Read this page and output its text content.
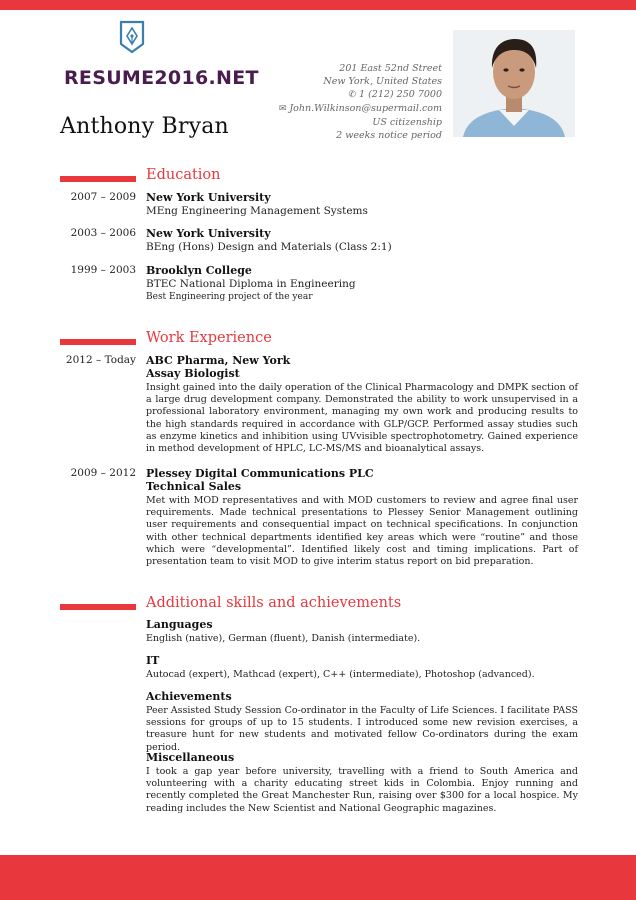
RESUME2016.NET
Anthony Bryan
201 East 52nd Street
New York, United States
✆ 1 (212) 250 7000
✉ John.Wilkinson@supermail.com
US citizenship
2 weeks notice period
Education
2007 – 2009 New York University
MEng Engineering Management Systems
2003 – 2006 New York University
BEng (Hons) Design and Materials (Class 2:1)
1999 – 2003 Brooklyn College
BTEC National Diploma in Engineering
Best Engineering project of the year
Work Experience
2012 – Today ABC Pharma, New York
Assay Biologist
Insight gained into the daily operation of the Clinical Pharmacology and DMPK section of a large drug development company. Demonstrated the ability to work unsupervised in a professional laboratory environment, managing my own work and producing results to the high standards required in accordance with GLP/GCP. Performed assay studies such as enzyme kinetics and inhibition using UVvisible spectrophotometry. Gained experience in method development of HPLC, LC-MS/MS and bioanalytical assays.
2009 – 2012 Plessey Digital Communications PLC
Technical Sales
Met with MOD representatives and with MOD customers to review and agree final user requirements. Made technical presentations to Plessey Senior Management outlining user requirements and consequential impact on technical specifications. In conjunction with other technical departments identified key areas which were “routine” and those which were “developmental”. Identified likely cost and timing implications. Part of presentation team to visit MOD to give interim status report on bid preparation.
Additional skills and achievements
Languages
English (native), German (fluent), Danish (intermediate).
IT
Autocad (expert), Mathcad (expert), C++ (intermediate), Photoshop (advanced).
Achievements
Peer Assisted Study Session Co-ordinator in the Faculty of Life Sciences. I facilitate PASS sessions for groups of up to 15 students. I introduced some new revision exercises, a treasure hunt for new students and motivated fellow Co-ordinators during the exam period.
Miscellaneous
I took a gap year before university, travelling with a friend to South America and volunteering with a charity educating street kids in Colombia. Enjoy running and recently completed the Great Manchester Run, raising over $300 for a local hospice. My reading includes the New Scientist and National Geographic magazines.
